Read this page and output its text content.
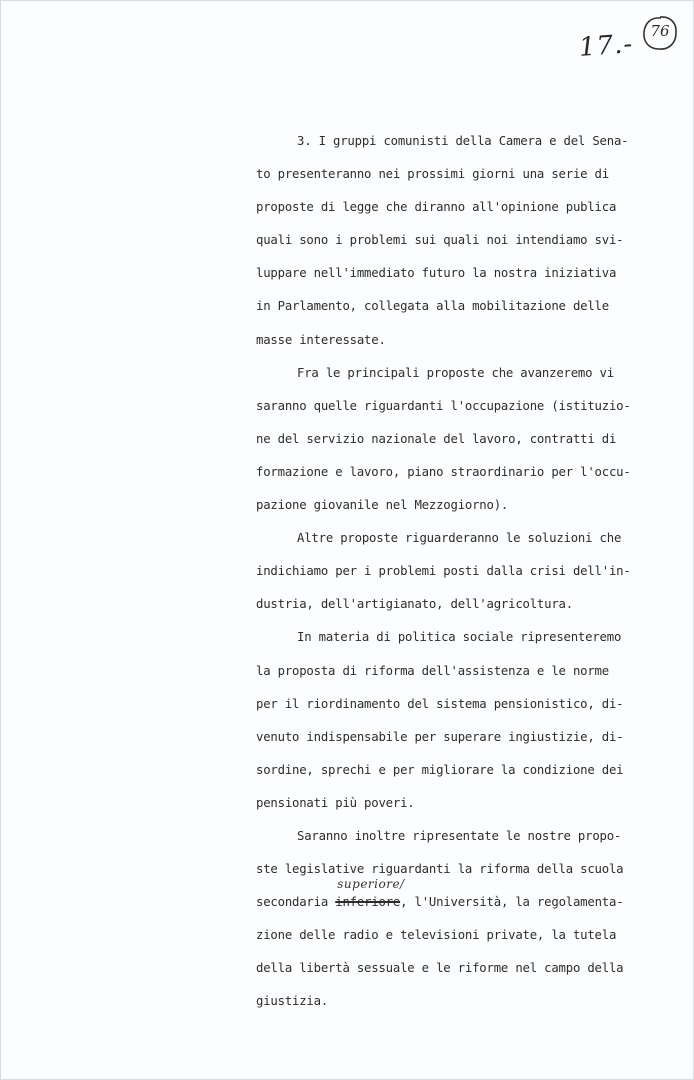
17.-	76
3. I gruppi comunisti della Camera e del Sena-
to presenteranno nei prossimi giorni una serie di
proposte di legge che diranno all'opinione publica
quali sono i problemi sui quali noi intendiamo svi-
luppare nell'immediato futuro la nostra iniziativa
in Parlamento, collegata alla mobilitazione delle
masse interessate.
Fra le principali proposte che avanzeremo vi
saranno quelle riguardanti l'occupazione (istituzio-
ne del servizio nazionale del lavoro, contratti di
formazione e lavoro, piano straordinario per l'occu-
pazione giovanile nel Mezzogiorno).
Altre proposte riguarderanno le soluzioni che
indichiamo per i problemi posti dalla crisi dell'in-
dustria, dell'artigianato, dell'agricoltura.
In materia di politica sociale ripresenteremo
la proposta di riforma dell'assistenza e le norme
per il riordinamento del sistema pensionistico, di-
venuto indispensabile per superare ingiustizie, di-
sordine, sprechi e per migliorare la condizione dei
pensionati più poveri.
Saranno inoltre ripresentate le nostre propo-
ste legislative riguardanti la riforma della scuola
secondaria
superiore/
inferiore, l'Università, la regolamenta-
zione delle radio e televisioni private, la tutela
della libertà sessuale e le riforme nel campo della
giustizia.
